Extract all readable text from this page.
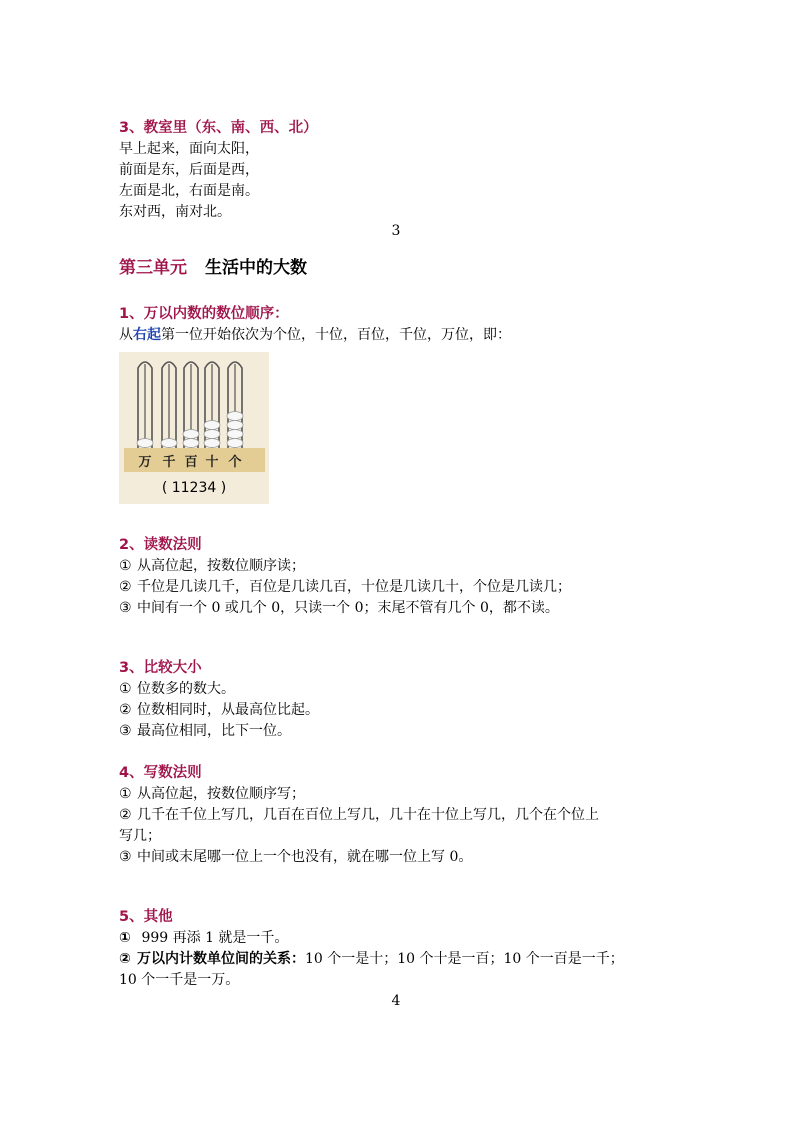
3、教室里（东、南、西、北）

早上起来，面向太阳，

前面是东，后面是西，

左面是北，右面是南。

东对西，南对北。

3
第三单元 生活中的大数

1、万以内数的数位顺序：

从右起第一位开始依次为个位，十位，百位，千位，万位，即：

万 千 百 十 个
( 11234 )

2、读数法则

① 从高位起，按数位顺序读；

② 千位是几读几千，百位是几读几百，十位是几读几十，个位是几读几；

③ 中间有一个 0 或几个 0，只读一个 0；末尾不管有几个 0，都不读。

3、比较大小

① 位数多的数大。

② 位数相同时，从最高位比起。

③ 最高位相同，比下一位。

4、写数法则

① 从高位起，按数位顺序写；

② 几千在千位上写几，几百在百位上写几，几十在十位上写几，几个在个位上

写几；

③ 中间或末尾哪一位上一个也没有，就在哪一位上写 0。

5、其他

① 999 再添 1 就是一千。

② 万以内计数单位间的关系：10 个一是十；10 个十是一百；10 个一百是一千；

10 个一千是一万。

4
